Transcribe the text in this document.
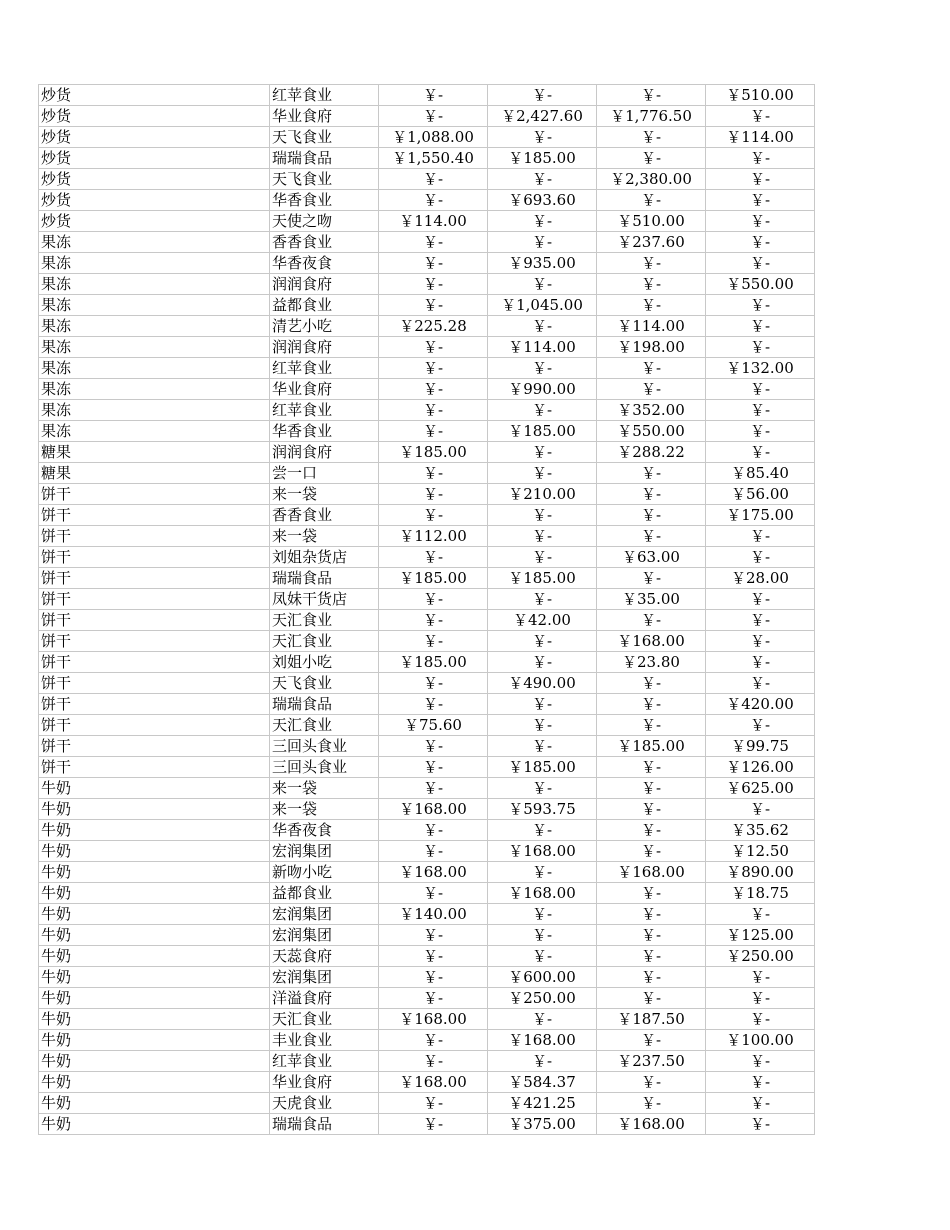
炒货	红苹食业	￥-	￥-	￥-	￥510.00
炒货	华业食府	￥-	￥2,427.60	￥1,776.50	￥-
炒货	天飞食业	￥1,088.00	￥-	￥-	￥114.00
炒货	瑞瑞食品	￥1,550.40	￥185.00	￥-	￥-
炒货	天飞食业	￥-	￥-	￥2,380.00	￥-
炒货	华香食业	￥-	￥693.60	￥-	￥-
炒货	天使之吻	￥114.00	￥-	￥510.00	￥-
果冻	香香食业	￥-	￥-	￥237.60	￥-
果冻	华香夜食	￥-	￥935.00	￥-	￥-
果冻	润润食府	￥-	￥-	￥-	￥550.00
果冻	益都食业	￥-	￥1,045.00	￥-	￥-
果冻	清艺小吃	￥225.28	￥-	￥114.00	￥-
果冻	润润食府	￥-	￥114.00	￥198.00	￥-
果冻	红苹食业	￥-	￥-	￥-	￥132.00
果冻	华业食府	￥-	￥990.00	￥-	￥-
果冻	红苹食业	￥-	￥-	￥352.00	￥-
果冻	华香食业	￥-	￥185.00	￥550.00	￥-
糖果	润润食府	￥185.00	￥-	￥288.22	￥-
糖果	尝一口	￥-	￥-	￥-	￥85.40
饼干	来一袋	￥-	￥210.00	￥-	￥56.00
饼干	香香食业	￥-	￥-	￥-	￥175.00
饼干	来一袋	￥112.00	￥-	￥-	￥-
饼干	刘姐杂货店	￥-	￥-	￥63.00	￥-
饼干	瑞瑞食品	￥185.00	￥185.00	￥-	￥28.00
饼干	凤妹干货店	￥-	￥-	￥35.00	￥-
饼干	天汇食业	￥-	￥42.00	￥-	￥-
饼干	天汇食业	￥-	￥-	￥168.00	￥-
饼干	刘姐小吃	￥185.00	￥-	￥23.80	￥-
饼干	天飞食业	￥-	￥490.00	￥-	￥-
饼干	瑞瑞食品	￥-	￥-	￥-	￥420.00
饼干	天汇食业	￥75.60	￥-	￥-	￥-
饼干	三回头食业	￥-	￥-	￥185.00	￥99.75
饼干	三回头食业	￥-	￥185.00	￥-	￥126.00
牛奶	来一袋	￥-	￥-	￥-	￥625.00
牛奶	来一袋	￥168.00	￥593.75	￥-	￥-
牛奶	华香夜食	￥-	￥-	￥-	￥35.62
牛奶	宏润集团	￥-	￥168.00	￥-	￥12.50
牛奶	新吻小吃	￥168.00	￥-	￥168.00	￥890.00
牛奶	益都食业	￥-	￥168.00	￥-	￥18.75
牛奶	宏润集团	￥140.00	￥-	￥-	￥-
牛奶	宏润集团	￥-	￥-	￥-	￥125.00
牛奶	天蕊食府	￥-	￥-	￥-	￥250.00
牛奶	宏润集团	￥-	￥600.00	￥-	￥-
牛奶	洋溢食府	￥-	￥250.00	￥-	￥-
牛奶	天汇食业	￥168.00	￥-	￥187.50	￥-
牛奶	丰业食业	￥-	￥168.00	￥-	￥100.00
牛奶	红苹食业	￥-	￥-	￥237.50	￥-
牛奶	华业食府	￥168.00	￥584.37	￥-	￥-
牛奶	天虎食业	￥-	￥421.25	￥-	￥-
牛奶	瑞瑞食品	￥-	￥375.00	￥168.00	￥-
